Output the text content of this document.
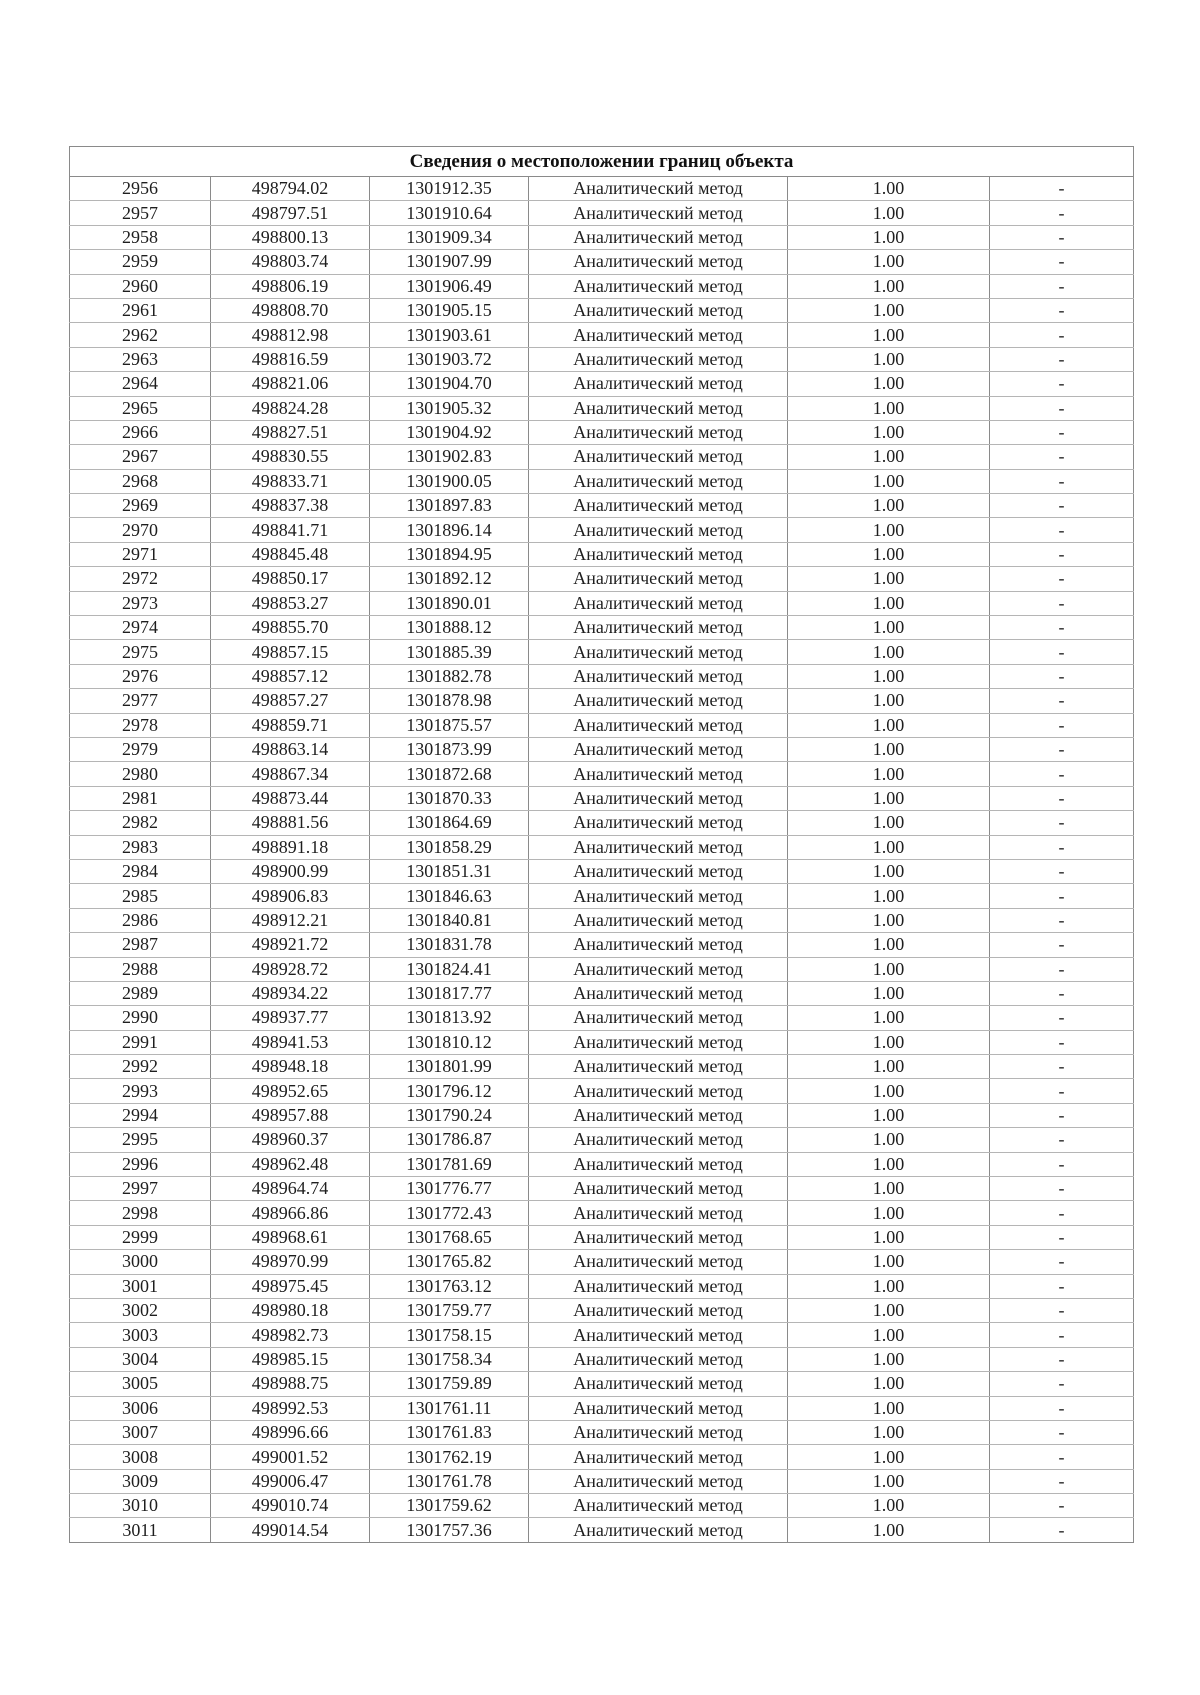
Сведения о местоположении границ объекта					
2956	498794.02	1301912.35	Аналитический метод	1.00	-
2957	498797.51	1301910.64	Аналитический метод	1.00	-
2958	498800.13	1301909.34	Аналитический метод	1.00	-
2959	498803.74	1301907.99	Аналитический метод	1.00	-
2960	498806.19	1301906.49	Аналитический метод	1.00	-
2961	498808.70	1301905.15	Аналитический метод	1.00	-
2962	498812.98	1301903.61	Аналитический метод	1.00	-
2963	498816.59	1301903.72	Аналитический метод	1.00	-
2964	498821.06	1301904.70	Аналитический метод	1.00	-
2965	498824.28	1301905.32	Аналитический метод	1.00	-
2966	498827.51	1301904.92	Аналитический метод	1.00	-
2967	498830.55	1301902.83	Аналитический метод	1.00	-
2968	498833.71	1301900.05	Аналитический метод	1.00	-
2969	498837.38	1301897.83	Аналитический метод	1.00	-
2970	498841.71	1301896.14	Аналитический метод	1.00	-
2971	498845.48	1301894.95	Аналитический метод	1.00	-
2972	498850.17	1301892.12	Аналитический метод	1.00	-
2973	498853.27	1301890.01	Аналитический метод	1.00	-
2974	498855.70	1301888.12	Аналитический метод	1.00	-
2975	498857.15	1301885.39	Аналитический метод	1.00	-
2976	498857.12	1301882.78	Аналитический метод	1.00	-
2977	498857.27	1301878.98	Аналитический метод	1.00	-
2978	498859.71	1301875.57	Аналитический метод	1.00	-
2979	498863.14	1301873.99	Аналитический метод	1.00	-
2980	498867.34	1301872.68	Аналитический метод	1.00	-
2981	498873.44	1301870.33	Аналитический метод	1.00	-
2982	498881.56	1301864.69	Аналитический метод	1.00	-
2983	498891.18	1301858.29	Аналитический метод	1.00	-
2984	498900.99	1301851.31	Аналитический метод	1.00	-
2985	498906.83	1301846.63	Аналитический метод	1.00	-
2986	498912.21	1301840.81	Аналитический метод	1.00	-
2987	498921.72	1301831.78	Аналитический метод	1.00	-
2988	498928.72	1301824.41	Аналитический метод	1.00	-
2989	498934.22	1301817.77	Аналитический метод	1.00	-
2990	498937.77	1301813.92	Аналитический метод	1.00	-
2991	498941.53	1301810.12	Аналитический метод	1.00	-
2992	498948.18	1301801.99	Аналитический метод	1.00	-
2993	498952.65	1301796.12	Аналитический метод	1.00	-
2994	498957.88	1301790.24	Аналитический метод	1.00	-
2995	498960.37	1301786.87	Аналитический метод	1.00	-
2996	498962.48	1301781.69	Аналитический метод	1.00	-
2997	498964.74	1301776.77	Аналитический метод	1.00	-
2998	498966.86	1301772.43	Аналитический метод	1.00	-
2999	498968.61	1301768.65	Аналитический метод	1.00	-
3000	498970.99	1301765.82	Аналитический метод	1.00	-
3001	498975.45	1301763.12	Аналитический метод	1.00	-
3002	498980.18	1301759.77	Аналитический метод	1.00	-
3003	498982.73	1301758.15	Аналитический метод	1.00	-
3004	498985.15	1301758.34	Аналитический метод	1.00	-
3005	498988.75	1301759.89	Аналитический метод	1.00	-
3006	498992.53	1301761.11	Аналитический метод	1.00	-
3007	498996.66	1301761.83	Аналитический метод	1.00	-
3008	499001.52	1301762.19	Аналитический метод	1.00	-
3009	499006.47	1301761.78	Аналитический метод	1.00	-
3010	499010.74	1301759.62	Аналитический метод	1.00	-
3011	499014.54	1301757.36	Аналитический метод	1.00	-
